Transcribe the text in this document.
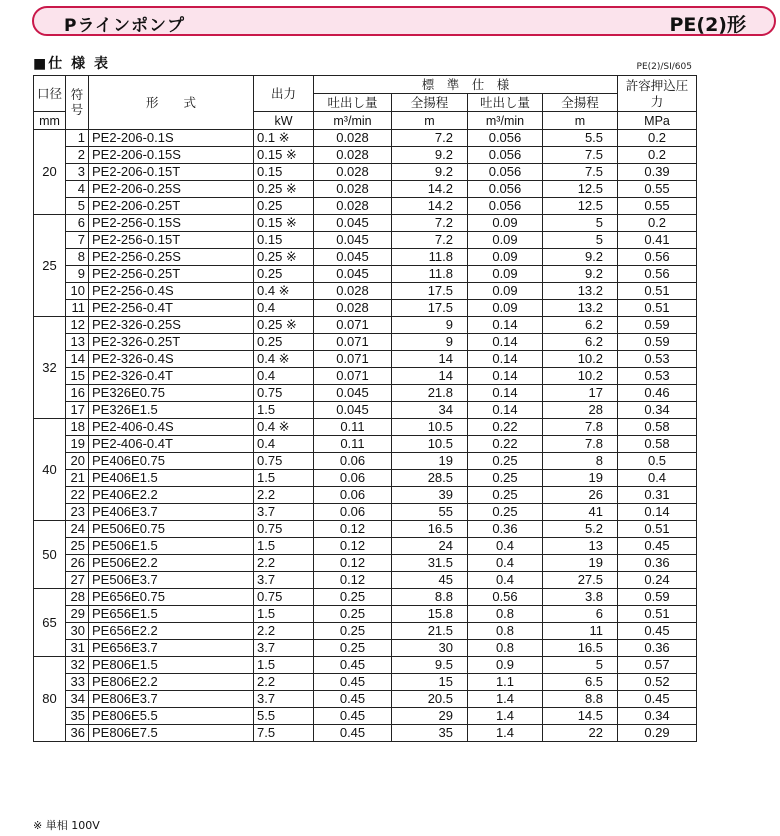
Pラインポンプ	PE(2)形
■仕 様 表	PE(2)/SI/605
口径	符号	形　　式	出力	標　準　仕　様				許容押込圧力
				吐出し量	全揚程	吐出し量	全揚程	
mm			kW	m³/min	m	m³/min	m	MPa
20	1	PE2-206-0.1S	0.1 ※	0.028	7.2	0.056	5.5	0.2
	2	PE2-206-0.15S	0.15 ※	0.028	9.2	0.056	7.5	0.2
	3	PE2-206-0.15T	0.15	0.028	9.2	0.056	7.5	0.39
	4	PE2-206-0.25S	0.25 ※	0.028	14.2	0.056	12.5	0.55
	5	PE2-206-0.25T	0.25	0.028	14.2	0.056	12.5	0.55
25	6	PE2-256-0.15S	0.15 ※	0.045	7.2	0.09	5	0.2
	7	PE2-256-0.15T	0.15	0.045	7.2	0.09	5	0.41
	8	PE2-256-0.25S	0.25 ※	0.045	11.8	0.09	9.2	0.56
	9	PE2-256-0.25T	0.25	0.045	11.8	0.09	9.2	0.56
	10	PE2-256-0.4S	0.4 ※	0.028	17.5	0.09	13.2	0.51
	11	PE2-256-0.4T	0.4	0.028	17.5	0.09	13.2	0.51
32	12	PE2-326-0.25S	0.25 ※	0.071	9	0.14	6.2	0.59
	13	PE2-326-0.25T	0.25	0.071	9	0.14	6.2	0.59
	14	PE2-326-0.4S	0.4 ※	0.071	14	0.14	10.2	0.53
	15	PE2-326-0.4T	0.4	0.071	14	0.14	10.2	0.53
	16	PE326E0.75	0.75	0.045	21.8	0.14	17	0.46
	17	PE326E1.5	1.5	0.045	34	0.14	28	0.34
40	18	PE2-406-0.4S	0.4 ※	0.11	10.5	0.22	7.8	0.58
	19	PE2-406-0.4T	0.4	0.11	10.5	0.22	7.8	0.58
	20	PE406E0.75	0.75	0.06	19	0.25	8	0.5
	21	PE406E1.5	1.5	0.06	28.5	0.25	19	0.4
	22	PE406E2.2	2.2	0.06	39	0.25	26	0.31
	23	PE406E3.7	3.7	0.06	55	0.25	41	0.14
50	24	PE506E0.75	0.75	0.12	16.5	0.36	5.2	0.51
	25	PE506E1.5	1.5	0.12	24	0.4	13	0.45
	26	PE506E2.2	2.2	0.12	31.5	0.4	19	0.36
	27	PE506E3.7	3.7	0.12	45	0.4	27.5	0.24
65	28	PE656E0.75	0.75	0.25	8.8	0.56	3.8	0.59
	29	PE656E1.5	1.5	0.25	15.8	0.8	6	0.51
	30	PE656E2.2	2.2	0.25	21.5	0.8	11	0.45
	31	PE656E3.7	3.7	0.25	30	0.8	16.5	0.36
80	32	PE806E1.5	1.5	0.45	9.5	0.9	5	0.57
	33	PE806E2.2	2.2	0.45	15	1.1	6.5	0.52
	34	PE806E3.7	3.7	0.45	20.5	1.4	8.8	0.45
	35	PE806E5.5	5.5	0.45	29	1.4	14.5	0.34
	36	PE806E7.5	7.5	0.45	35	1.4	22	0.29
※ 単相 100V
